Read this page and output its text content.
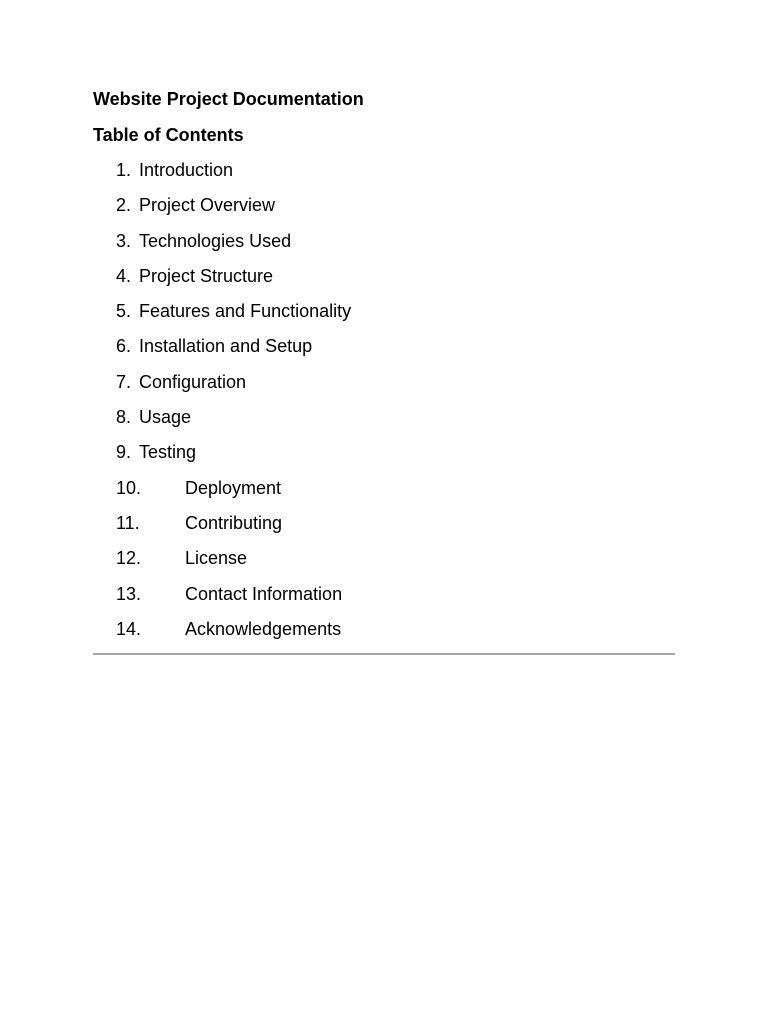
Website Project Documentation

Table of Contents

1. Introduction
2. Project Overview
3. Technologies Used
4. Project Structure
5. Features and Functionality
6. Installation and Setup
7. Configuration
8. Usage
9. Testing
10. Deployment
11.	Contributing
12. License
13. Contact Information
14. Acknowledgements
